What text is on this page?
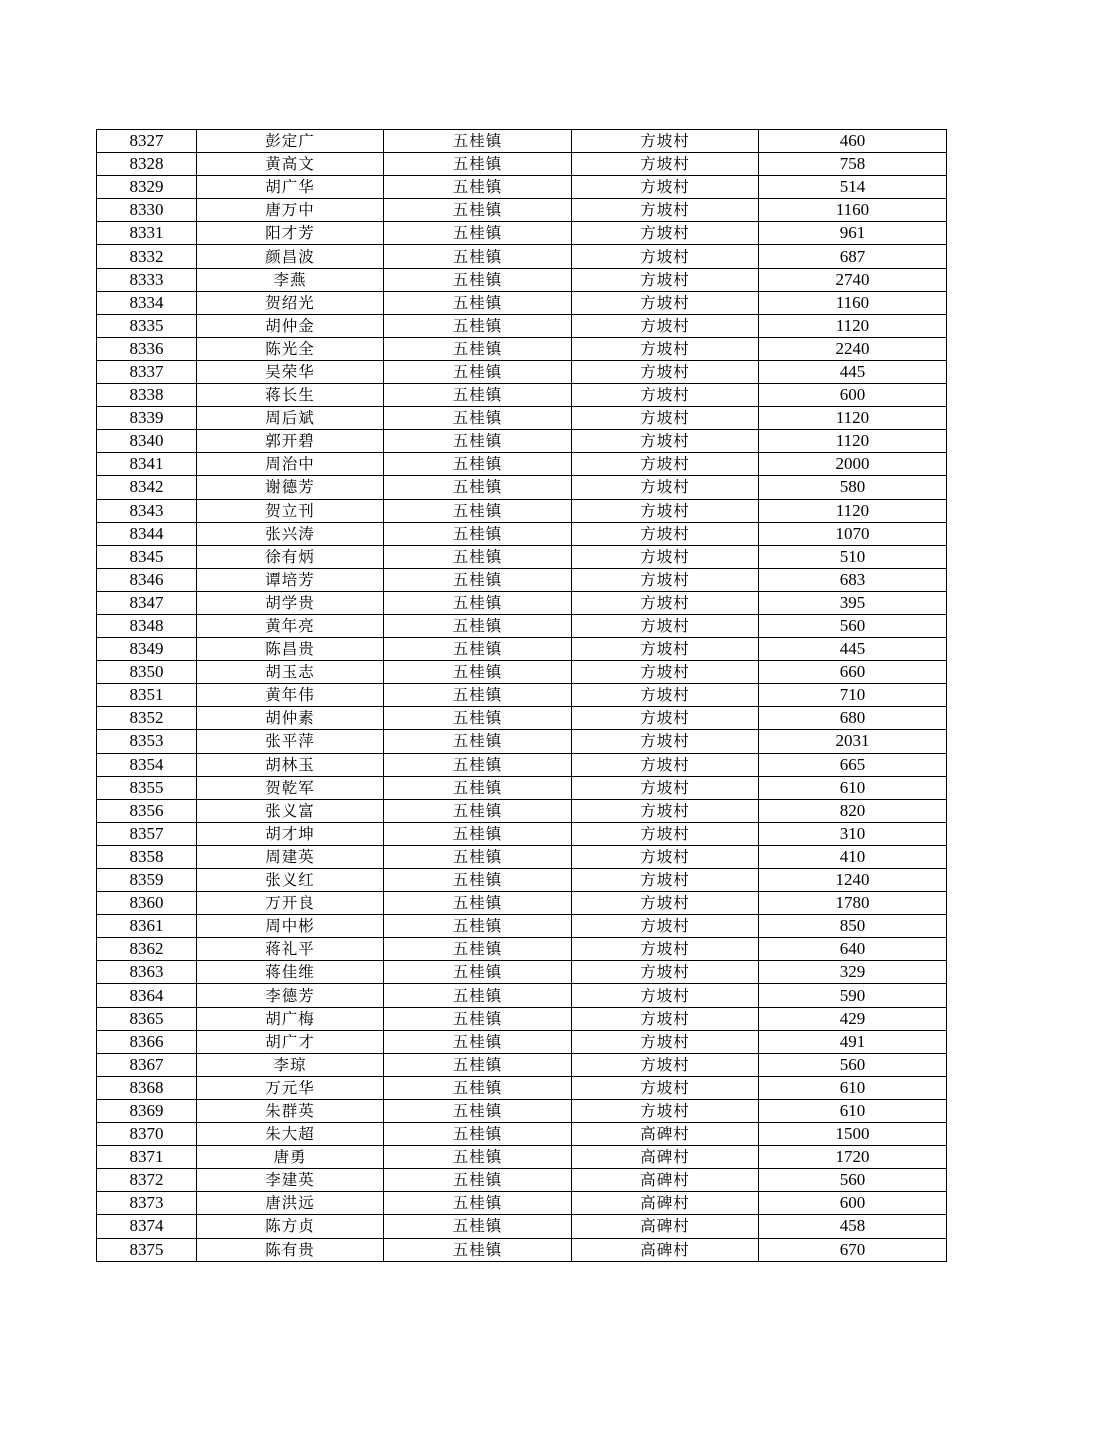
8327	彭定广	五桂镇	方坡村	460
8328	黄高文	五桂镇	方坡村	758
8329	胡广华	五桂镇	方坡村	514
8330	唐万中	五桂镇	方坡村	1160
8331	阳才芳	五桂镇	方坡村	961
8332	颜昌波	五桂镇	方坡村	687
8333	李燕	五桂镇	方坡村	2740
8334	贺绍光	五桂镇	方坡村	1160
8335	胡仲金	五桂镇	方坡村	1120
8336	陈光全	五桂镇	方坡村	2240
8337	吴荣华	五桂镇	方坡村	445
8338	蒋长生	五桂镇	方坡村	600
8339	周后斌	五桂镇	方坡村	1120
8340	郭开碧	五桂镇	方坡村	1120
8341	周治中	五桂镇	方坡村	2000
8342	谢德芳	五桂镇	方坡村	580
8343	贺立刊	五桂镇	方坡村	1120
8344	张兴涛	五桂镇	方坡村	1070
8345	徐有炳	五桂镇	方坡村	510
8346	谭培芳	五桂镇	方坡村	683
8347	胡学贵	五桂镇	方坡村	395
8348	黄年亮	五桂镇	方坡村	560
8349	陈昌贵	五桂镇	方坡村	445
8350	胡玉志	五桂镇	方坡村	660
8351	黄年伟	五桂镇	方坡村	710
8352	胡仲素	五桂镇	方坡村	680
8353	张平萍	五桂镇	方坡村	2031
8354	胡林玉	五桂镇	方坡村	665
8355	贺乾军	五桂镇	方坡村	610
8356	张义富	五桂镇	方坡村	820
8357	胡才坤	五桂镇	方坡村	310
8358	周建英	五桂镇	方坡村	410
8359	张义红	五桂镇	方坡村	1240
8360	万开良	五桂镇	方坡村	1780
8361	周中彬	五桂镇	方坡村	850
8362	蒋礼平	五桂镇	方坡村	640
8363	蒋佳维	五桂镇	方坡村	329
8364	李德芳	五桂镇	方坡村	590
8365	胡广梅	五桂镇	方坡村	429
8366	胡广才	五桂镇	方坡村	491
8367	李琼	五桂镇	方坡村	560
8368	万元华	五桂镇	方坡村	610
8369	朱群英	五桂镇	方坡村	610
8370	朱大超	五桂镇	高碑村	1500
8371	唐勇	五桂镇	高碑村	1720
8372	李建英	五桂镇	高碑村	560
8373	唐洪远	五桂镇	高碑村	600
8374	陈方贞	五桂镇	高碑村	458
8375	陈有贵	五桂镇	高碑村	670
